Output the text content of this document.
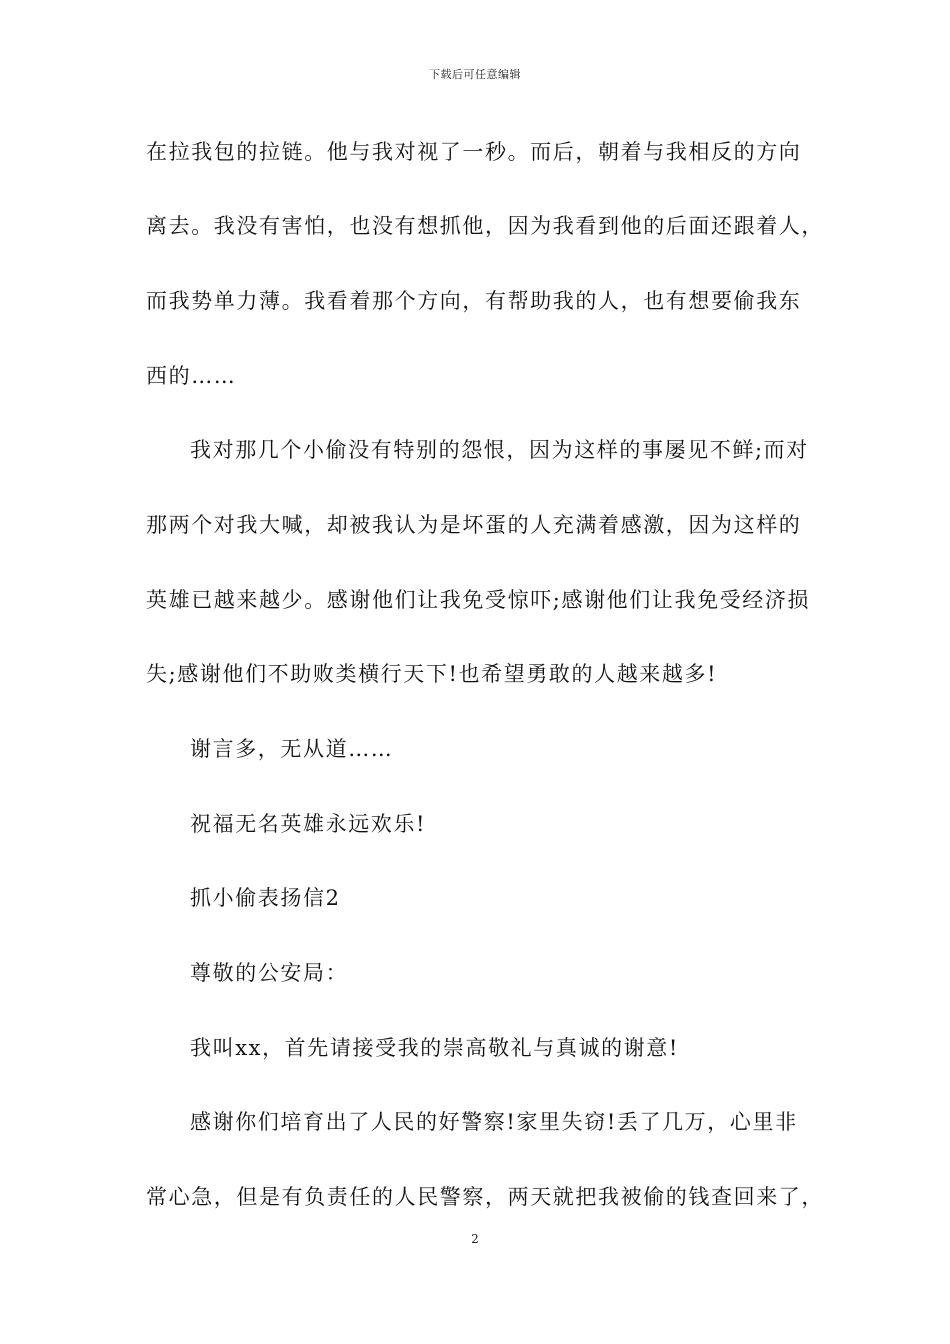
下载后可任意编辑
在拉我包的拉链。他与我对视了一秒。而后，朝着与我相反的方向
离去。我没有害怕，也没有想抓他，因为我看到他的后面还跟着人，
而我势单力薄。我看着那个方向，有帮助我的人，也有想要偷我东
西的……
我对那几个小偷没有特别的怨恨，因为这样的事屡见不鲜;而对
那两个对我大喊，却被我认为是坏蛋的人充满着感激，因为这样的
英雄已越来越少。感谢他们让我免受惊吓;感谢他们让我免受经济损
失;感谢他们不助败类横行天下!也希望勇敢的人越来越多!
谢言多，无从道……
祝福无名英雄永远欢乐!
抓小偷表扬信2
尊敬的公安局：
我叫xx，首先请接受我的崇高敬礼与真诚的谢意!
感谢你们培育出了人民的好警察!家里失窃!丢了几万，心里非
常心急，但是有负责任的人民警察，两天就把我被偷的钱查回来了，
2
